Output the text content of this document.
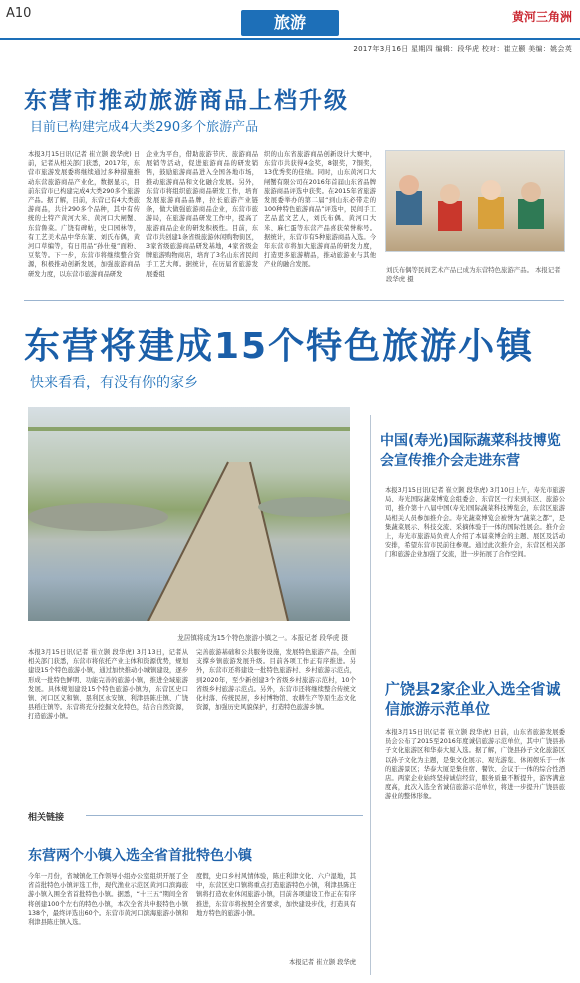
A10	旅游	黄河三角洲
2017年3月16日 星期四 编辑：段华虎 校对：崔立颢 美编：姚会英
东营市推动旅游商品上档升级
目前已构建完成4大类290多个旅游产品
本报3月15日讯(记者 崔立颢 段华虎) 日前，记者从相关部门获悉，2017年，东营市旅游发展委将继续通过多种措施推动东营旅游商品产业化，数据显示，目前东营市已构建完成4大类290多个旅游产品。据了解，目前，东营已有4大类旅游商品，共计290多个品种，其中有传统的土特产黄河大米、黄河口大闸蟹、东营鲁菜。广饶有碑帖，史口园林等，有工艺美术品中华东篆、刘氏布偶，黄河口草编等，有日用品“孙仕曼”面粉、豆浆等。下一步，东营市将继续整合资源，积极推动创新发展，加强旅游商品研发力度，以东营市旅游商品研发
企业为平台，借助旅游节庆、旅游商品展销等活动，促进旅游商品的研发销售，鼓励旅游商品进入全国各地市场，推动旅游商品和文化融合发展。另外，东营市将组织旅游商品研发工作，培育发展旅游商品品牌，拉长旅游产业链条，做大做强旅游商品企业，东营市旅游局，在旅游商品研发工作中，提高了旅游商品企业的研发积极性。目前，东营市共创建1条省级旅游休闲购物街区，3家省级旅游商品研发基地，4家省级金牌旅游购物商店，培育了3名山东省民间手工艺大师。据统计，在历届省旅游发展委组
织的山东省旅游商品创新设计大赛中，东营市共获得4金奖，8银奖，7铜奖，13优秀奖的佳绩。同时，山东黄河口大闸蟹有限公司在2016年首届山东省品牌旅游商品评选中获奖。在2015年省旅游发展委举办的第二届“到山东必带走的100种特色旅游商品”评选中，民间手工艺品蓝文艺人，刘氏布偶、黄河口大米、麻仁蛋等东营产品喜获荣誉称号。据统计，东营市有5种旅游商品入选。今年东营市将加大旅游商品的研发力度，打造更多旅游精品，推动旅游业与其他产业的融合发展。
刘氏布偶等民间艺术产品已成为东营特色旅游产品。 本报记者 段华虎 摄
东营将建成15个特色旅游小镇
快来看看，有没有你的家乡
龙居镇将成为15个特色旅游小镇之一。本报记者 段华虎 摄
本报3月15日讯(记者 崔立颢 段华虎) 3月13日，记者从相关部门获悉，东营市将依托产业主体和资源优势，规划建设15个特色旅游小镇，通过加快推动小城镇建设，逐步形成一批特色鲜明、功能完善的旅游小镇，推进全域旅游发展。具体规划建设15个特色旅游小镇为，东营区史口镇、河口区义和镇、垦利区永安镇、利津县陈庄镇、广饶县稻庄镇等。东营将充分挖掘文化特色，结合自然资源，打造旅游小镇。
完善旅游基础和公共服务设施，发展特色旅游产品，全面支撑乡镇旅游发展升级。目前各项工作正有序推进。另外，东营市还将建设一批特色旅游村、乡村旅游示范点，到2020年，至少新创建3个省级乡村旅游示范村，10个省级乡村旅游示范点。另外，东营市还将继续整合传统文化村落、传统民居，乡村博物馆、农耕生产等原生态文化资源，加强历史风貌保护，打造特色旅游乡镇。
中国(寿光)国际蔬菜科技博览会宣传推介会走进东营
本报3月15日讯(记者 崔立颢 段华虎) 3月10日上午，寿光市旅游局、寿光国际蔬菜博览会组委会、东营区一行来到东区、旅游公司，推介第十八届中国(寿光)国际蔬菜科技博览会，东营区旅游局相关人员参加推介会。寿光蔬菜博览会被誉为“蔬菜之都”，是集蔬菜展示、科技交流、采摘体验于一体的国际性展会。推介会上，寿光市旅游局负责人介绍了本届菜博会的主题、展区及活动安排，希望东营市民前往参观。通过此次推介会，东营区相关部门和旅游企业加强了交流，进一步拓展了合作空间。
广饶县2家企业入选全省诚信旅游示范单位
本报3月15日讯(记者 崔立颢 段华虎) 日前，山东省旅游发展委员会公布了2015至2016年度诚信旅游示范单位，其中广饶县孙子文化旅游区和华泰大厦入选。据了解，广饶县孙子文化旅游区以孙子文化为主题，是集文化展示、观光游览、休闲娱乐于一体的旅游景区；华泰大厦是集住宿、餐饮、会议于一体的综合性酒店。两家企业始终坚持诚信经营，服务质量不断提升，游客满意度高，此次入选全省诚信旅游示范单位，将进一步提升广饶县旅游业的整体形象。
相关链接
东营两个小镇入选全省首批特色小镇
今年一月份，省城镇化工作领导小组办公室组织开展了全省首批特色小镇评选工作，现代渔业示范区黄河口滨海旅游小镇入围全省首批特色小镇。据悉，“十三五”期间全省将创建100个左右的特色小镇，本次全省共申报特色小镇138个，最终评选出60个。东营市黄河口滨海旅游小镇和利津县陈庄镇入选。
度假，史口乡村风情体验，陈庄利津文化、六户湿地，其中，东营区史口镇将重点打造旅游特色小镇，利津县陈庄镇将打造农业休闲旅游小镇，目前各项建设工作正在有序推进，东营市将按照全省要求，加快建设步伐，打造具有地方特色的旅游小镇。
本报记者 崔立颢 段华虎
